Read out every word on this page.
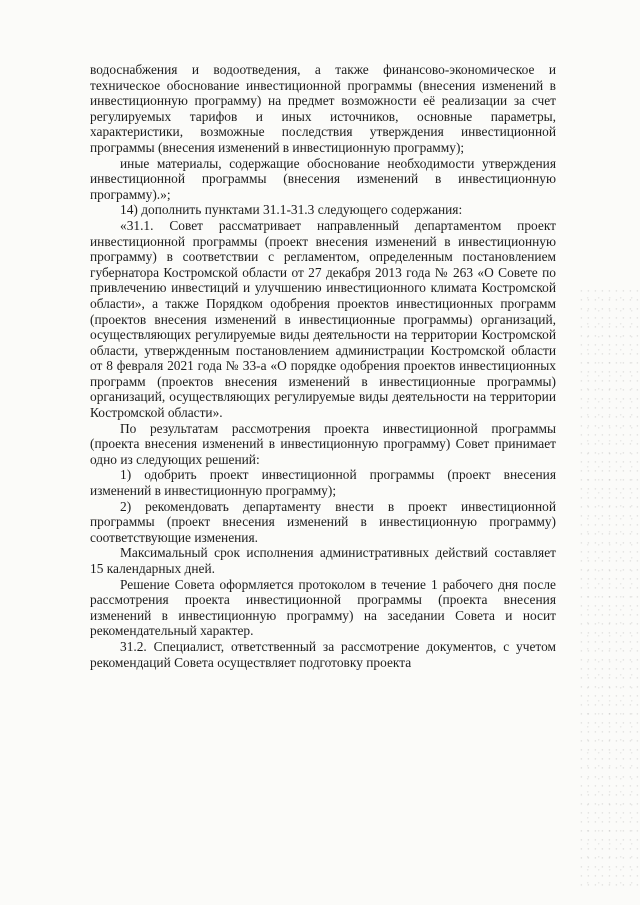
водоснабжения и водоотведения, а также финансово-экономическое и техническое обоснование инвестиционной программы (внесения изменений в инвестиционную программу) на предмет возможности её реализации за счет регулируемых тарифов и иных источников, основные параметры, характеристики, возможные последствия утверждения инвестиционной программы (внесения изменений в инвестиционную программу);

иные материалы, содержащие обоснование необходимости утверждения инвестиционной программы (внесения изменений в инвестиционную программу).»;

14) дополнить пунктами 31.1-31.3 следующего содержания:

«31.1. Совет рассматривает направленный департаментом проект инвестиционной программы (проект внесения изменений в инвестиционную программу) в соответствии с регламентом, определенным постановлением губернатора Костромской области от 27 декабря 2013 года № 263 «О Совете по привлечению инвестиций и улучшению инвестиционного климата Костромской области», а также Порядком одобрения проектов инвестиционных программ (проектов внесения изменений в инвестиционные программы) организаций, осуществляющих регулируемые виды деятельности на территории Костромской области, утвержденным постановлением администрации Костромской области от 8 февраля 2021 года № 33-а «О порядке одобрения проектов инвестиционных программ (проектов внесения изменений в инвестиционные программы) организаций, осуществляющих регулируемые виды деятельности на территории Костромской области».

По результатам рассмотрения проекта инвестиционной программы (проекта внесения изменений в инвестиционную программу) Совет принимает одно из следующих решений:

1) одобрить проект инвестиционной программы (проект внесения изменений в инвестиционную программу);

2) рекомендовать департаменту внести в проект инвестиционной программы (проект внесения изменений в инвестиционную программу) соответствующие изменения.

Максимальный срок исполнения административных действий составляет 15 календарных дней.

Решение Совета оформляется протоколом в течение 1 рабочего дня после рассмотрения проекта инвестиционной программы (проекта внесения изменений в инвестиционную программу) на заседании Совета и носит рекомендательный характер.

31.2. Специалист, ответственный за рассмотрение документов, с учетом рекомендаций Совета осуществляет подготовку проекта
